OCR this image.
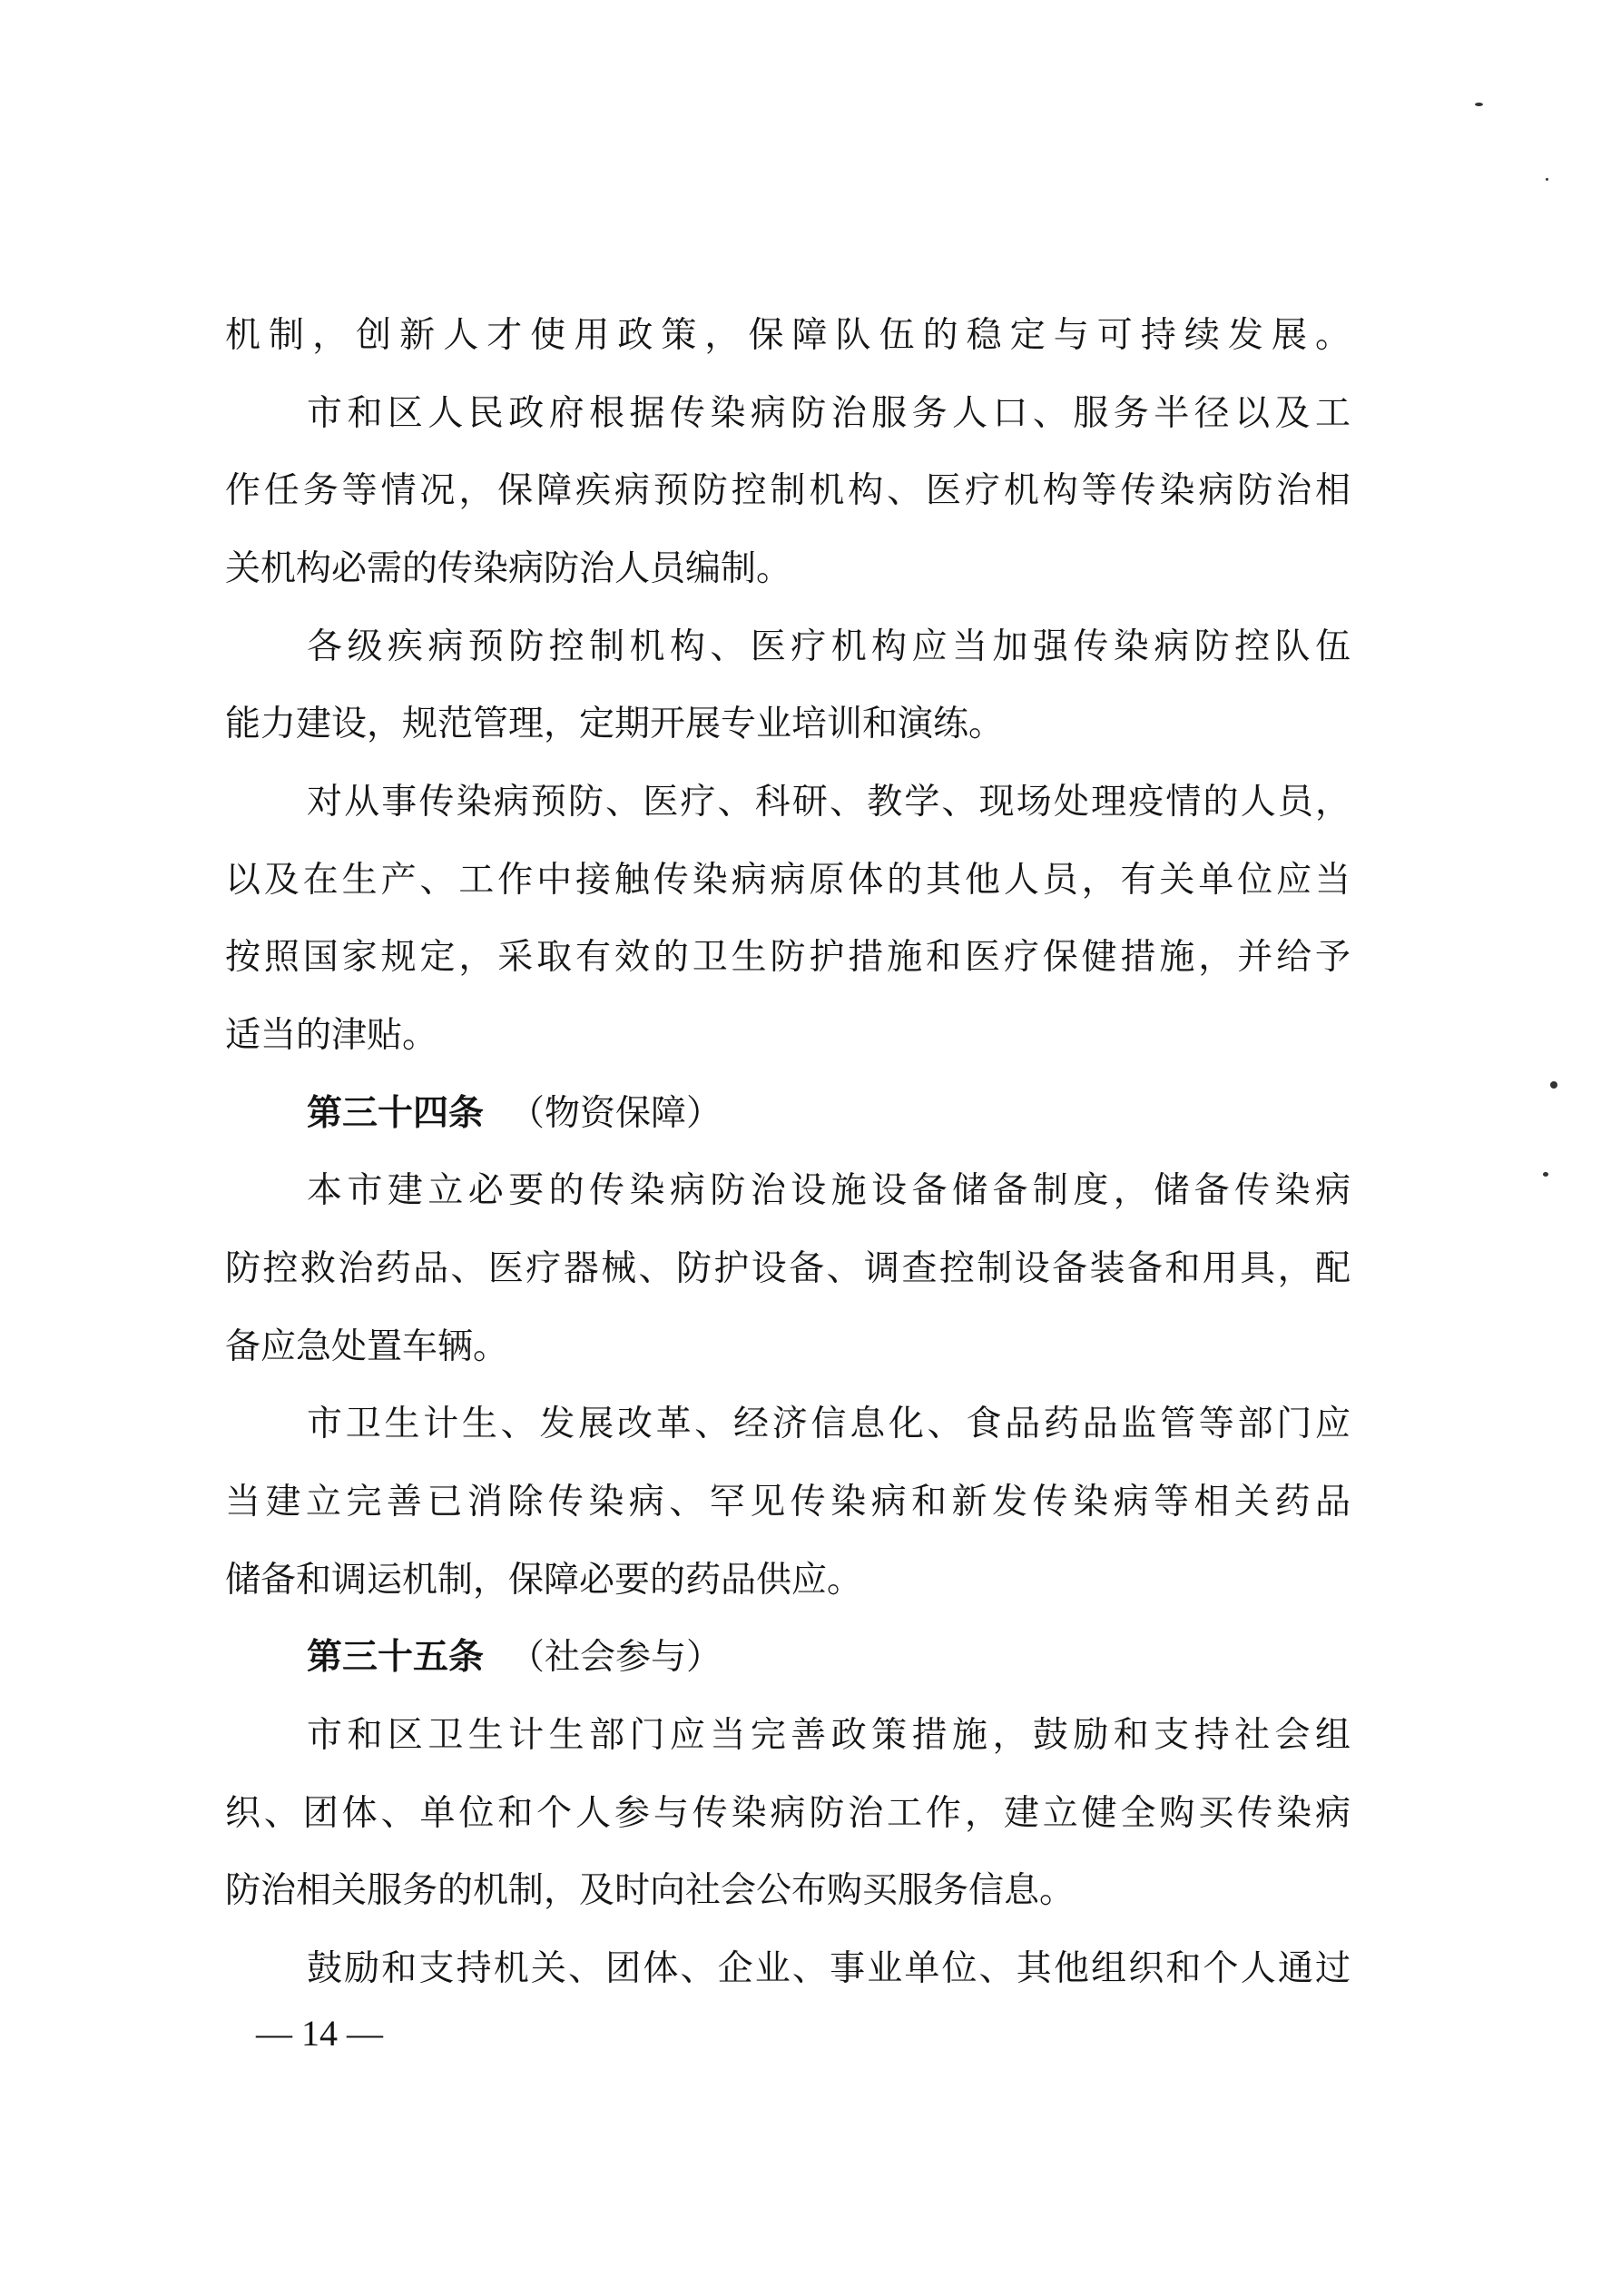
机制，创新人才使用政策，保障队伍的稳定与可持续发展。
市和区人民政府根据传染病防治服务人口、服务半径以及工
作任务等情况，保障疾病预防控制机构、医疗机构等传染病防治相
关机构必需的传染病防治人员编制。
各级疾病预防控制机构、医疗机构应当加强传染病防控队伍
能力建设，规范管理，定期开展专业培训和演练。
对从事传染病预防、医疗、科研、教学、现场处理疫情的人员，
以及在生产、工作中接触传染病病原体的其他人员，有关单位应当
按照国家规定，采取有效的卫生防护措施和医疗保健措施，并给予
适当的津贴。
第三十四条 （物资保障）
本市建立必要的传染病防治设施设备储备制度，储备传染病
防控救治药品、医疗器械、防护设备、调查控制设备装备和用具，配
备应急处置车辆。
市卫生计生、发展改革、经济信息化、食品药品监管等部门应
当建立完善已消除传染病、罕见传染病和新发传染病等相关药品
储备和调运机制，保障必要的药品供应。
第三十五条 （社会参与）
市和区卫生计生部门应当完善政策措施，鼓励和支持社会组
织、团体、单位和个人参与传染病防治工作，建立健全购买传染病
防治相关服务的机制，及时向社会公布购买服务信息。
鼓励和支持机关、团体、企业、事业单位、其他组织和个人通过
— 14 —
